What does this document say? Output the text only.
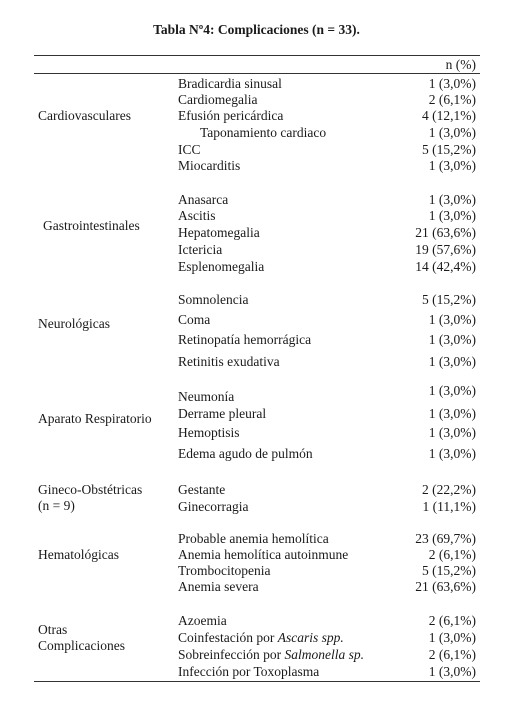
Tabla Nº4: Complicaciones (n = 33).
n (%)
Cardiovasculares
Bradicardia sinusal	1 (3,0%)
Cardiomegalia	2 (6,1%)
Efusión pericárdica	4 (12,1%)
Taponamiento cardiaco	1 (3,0%)
ICC	5 (15,2%)
Miocarditis	1 (3,0%)
Gastrointestinales
Anasarca	1 (3,0%)
Ascitis	1 (3,0%)
Hepatomegalia	21 (63,6%)
Ictericia	19 (57,6%)
Esplenomegalia	14 (42,4%)
Neurológicas
Somnolencia	5 (15,2%)
Coma	1 (3,0%)
Retinopatía hemorrágica	1 (3,0%)
Retinitis exudativa	1 (3,0%)
Aparato Respiratorio
Neumonía	1 (3,0%)
Derrame pleural	1 (3,0%)
Hemoptisis	1 (3,0%)
Edema agudo de pulmón	1 (3,0%)
Gineco-Obstétricas
(n = 9)
Gestante	2 (22,2%)
Ginecorragia	1 (11,1%)
Hematológicas
Probable anemia hemolítica	23 (69,7%)
Anemia hemolítica autoinmune	2 (6,1%)
Trombocitopenia	5 (15,2%)
Anemia severa	21 (63,6%)
Otras
Complicaciones
Azoemia	2 (6,1%)
Coinfestación por Ascaris spp.	1 (3,0%)
Sobreinfección por Salmonella sp.	2 (6,1%)
Infección por Toxoplasma	1 (3,0%)
